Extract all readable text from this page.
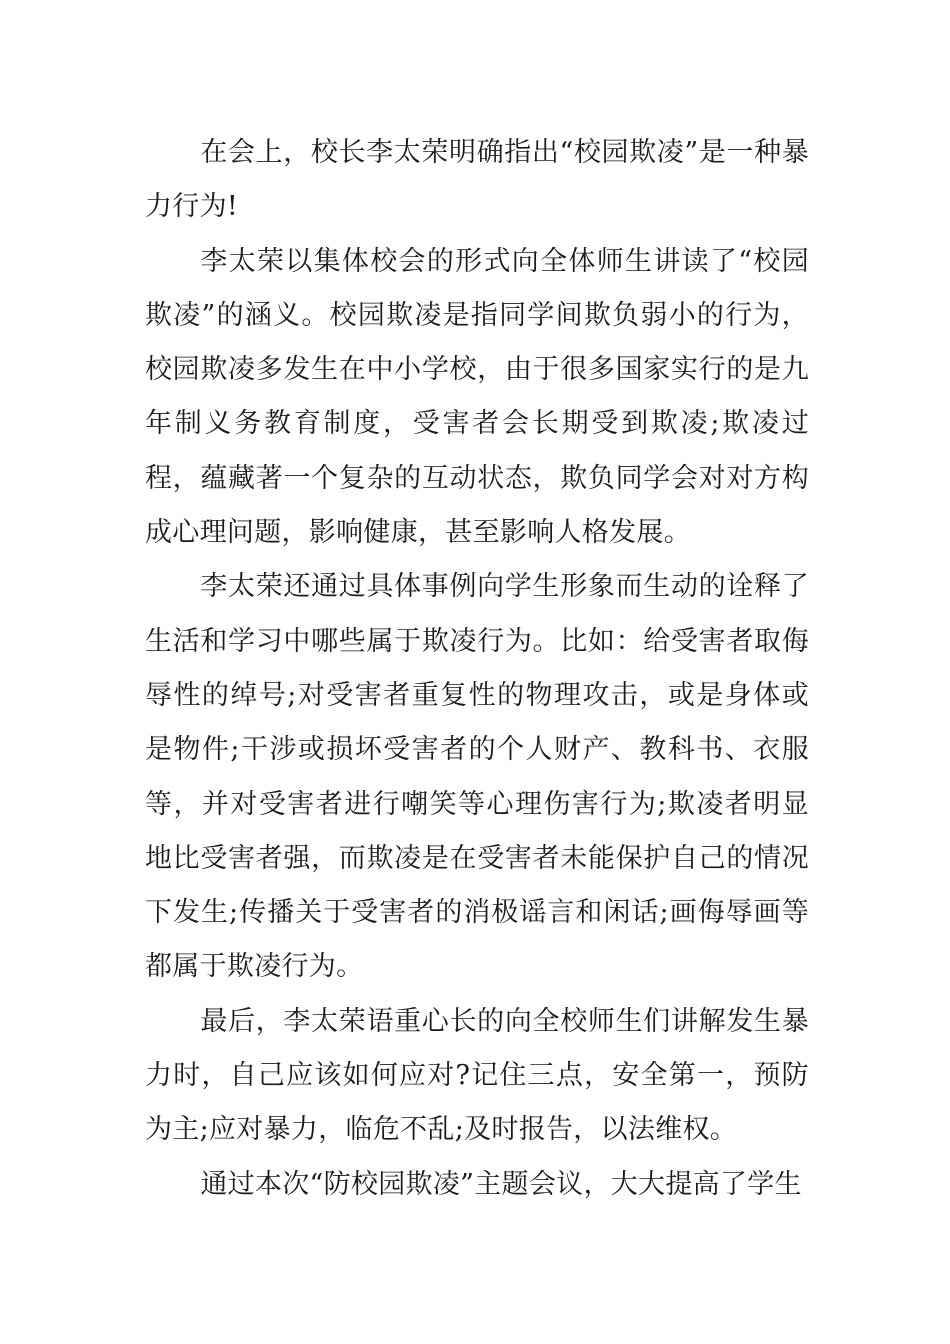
在会上，校长李太荣明确指出“校园欺凌”是一种暴力行为!

李太荣以集体校会的形式向全体师生讲读了“校园欺凌”的涵义。校园欺凌是指同学间欺负弱小的行为，校园欺凌多发生在中小学校，由于很多国家实行的是九年制义务教育制度，受害者会长期受到欺凌;欺凌过程，蕴藏著一个复杂的互动状态，欺负同学会对对方构成心理问题，影响健康，甚至影响人格发展。

李太荣还通过具体事例向学生形象而生动的诠释了生活和学习中哪些属于欺凌行为。比如：给受害者取侮辱性的绰号;对受害者重复性的物理攻击，或是身体或是物件;干涉或损坏受害者的个人财产、教科书、衣服等，并对受害者进行嘲笑等心理伤害行为;欺凌者明显地比受害者强，而欺凌是在受害者未能保护自己的情况下发生;传播关于受害者的消极谣言和闲话;画侮辱画等都属于欺凌行为。

最后，李太荣语重心长的向全校师生们讲解发生暴力时，自己应该如何应对?记住三点，安全第一，预防为主;应对暴力，临危不乱;及时报告，以法维权。

通过本次“防校园欺凌”主题会议，大大提高了学生
